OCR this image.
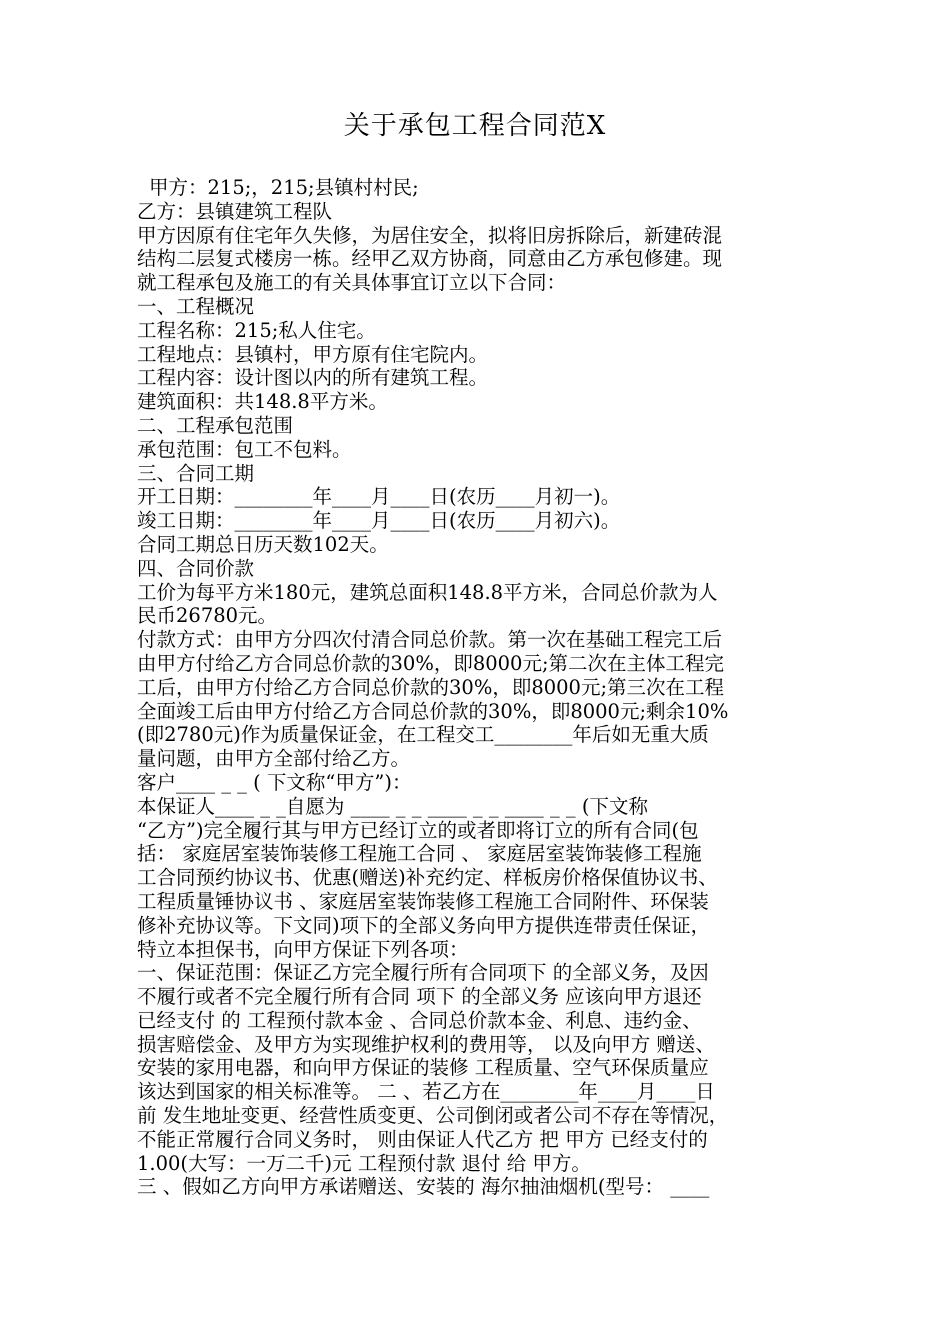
关于承包工程合同范X
甲方：215;，215;县镇村村民;
乙方：县镇建筑工程队
甲方因原有住宅年久失修，为居住安全，拟将旧房拆除后，新建砖混
结构二层复式楼房一栋。经甲乙双方协商，同意由乙方承包修建。现
就工程承包及施工的有关具体事宜订立以下合同：
一、工程概况
工程名称：215;私人住宅。
工程地点：县镇村，甲方原有住宅院内。
工程内容：设计图以内的所有建筑工程。
建筑面积：共148.8平方米。
二、工程承包范围
承包范围：包工不包料。
三、合同工期
开工日期：________年____月____日(农历____月初一)。
竣工日期：________年____月____日(农历____月初六)。
合同工期总日历天数102天。
四、合同价款
工价为每平方米180元，建筑总面积148.8平方米，合同总价款为人
民币26780元。
付款方式：由甲方分四次付清合同总价款。第一次在基础工程完工后
由甲方付给乙方合同总价款的30%，即8000元;第二次在主体工程完
工后，由甲方付给乙方合同总价款的30%，即8000元;第三次在工程
全面竣工后由甲方付给乙方合同总价款的30%，即8000元;剩余10%
(即2780元)作为质量保证金，在工程交工________年后如无重大质
量问题，由甲方全部付给乙方。
客户____ _ _ ( 下文称“甲方”)：
本保证人____ _ _自愿为 ____ _ _ ____ _ _ ____ _ _ (下文称
“乙方”)完全履行其与甲方已经订立的或者即将订立的所有合同(包
括： 家庭居室装饰装修工程施工合同 、 家庭居室装饰装修工程施
工合同预约协议书、优惠(赠送)补充约定、样板房价格保值协议书、
工程质量锤协议书 、家庭居室装饰装修工程施工合同附件、环保装
修补充协议等。下文同)项下的全部义务向甲方提供连带责任保证，
特立本担保书，向甲方保证下列各项：
一、保证范围：保证乙方完全履行所有合同项下 的全部义务，及因
不履行或者不完全履行所有合同 项下 的全部义务 应该向甲方退还
已经支付 的 工程预付款本金 、合同总价款本金、利息、违约金、
损害赔偿金、及甲方为实现维护权利的费用等， 以及向甲方 赠送、
安装的家用电器，和向甲方保证的装修 工程质量、空气环保质量应
该达到国家的相关标准等。 二 、若乙方在________年____月____日
前 发生地址变更、经营性质变更、公司倒闭或者公司不存在等情况，
不能正常履行合同义务时， 则由保证人代乙方 把 甲方 已经支付的
1.00(大写：一万二千)元 工程预付款 退付 给 甲方。
三 、假如乙方向甲方承诺赠送、安装的 海尔抽油烟机(型号： ____
